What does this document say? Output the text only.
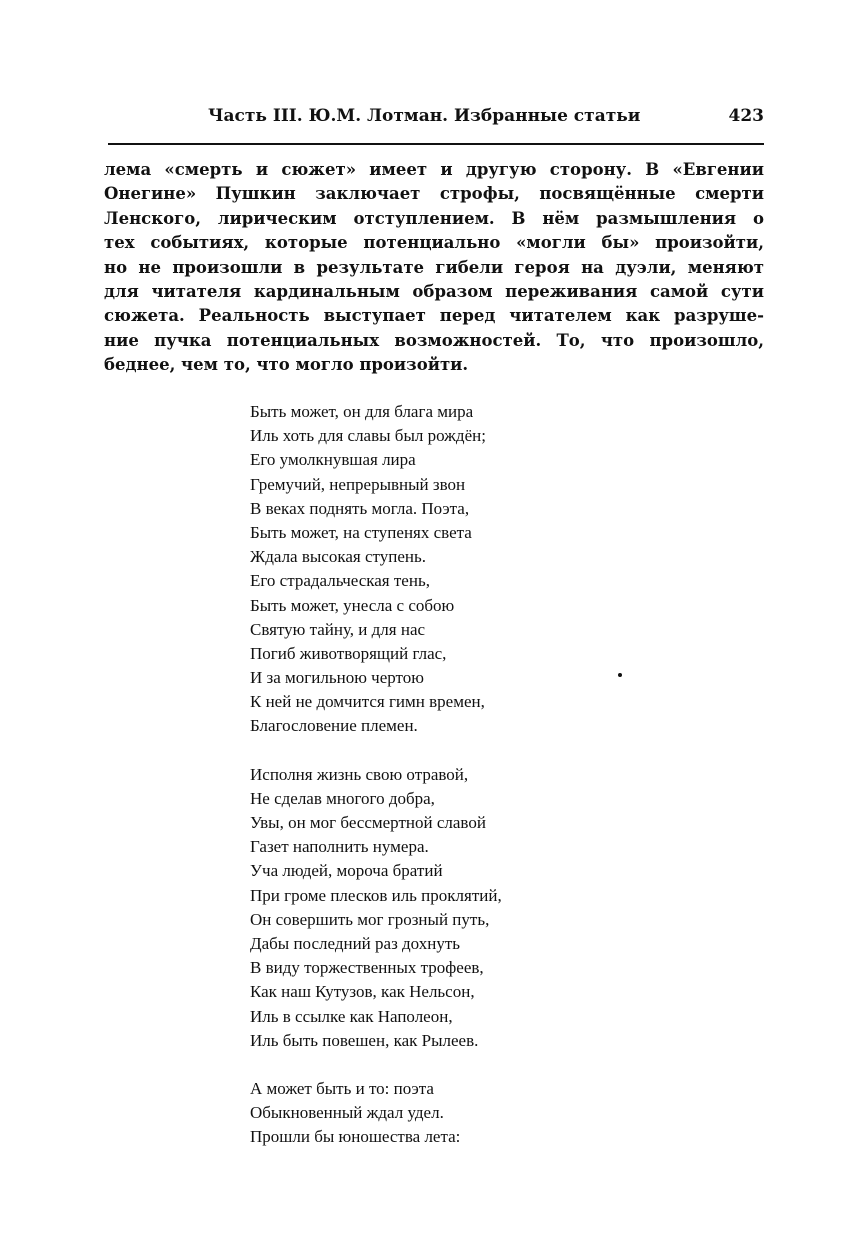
Часть III. Ю.М. Лотман. Избранные статьи	423
лема «смерть и сюжет» имеет и другую сторону. В «Евгении
Онегине» Пушкин заключает строфы, посвящённые смерти
Ленского, лирическим отступлением. В нём размышления о
тех событиях, которые потенциально «могли бы» произойти,
но не произошли в результате гибели героя на дуэли, меняют
для читателя кардинальным образом переживания самой сути
сюжета. Реальность выступает перед читателем как разруше-
ние пучка потенциальных возможностей. То, что произошло,
беднее, чем то, что могло произойти.
Быть может, он для блага мира
Иль хоть для славы был рождён;
Его умолкнувшая лира
Гремучий, непрерывный звон
В веках поднять могла. Поэта,
Быть может, на ступенях света
Ждала высокая ступень.
Его страдальческая тень,
Быть может, унесла с собою
Святую тайну, и для нас
Погиб животворящий глас,
И за могильною чертою
К ней не домчится гимн времен,
Благословение племен.
Исполня жизнь свою отравой,
Не сделав многого добра,
Увы, он мог бессмертной славой
Газет наполнить нумера.
Уча людей, мороча братий
При громе плесков иль проклятий,
Он совершить мог грозный путь,
Дабы последний раз дохнуть
В виду торжественных трофеев,
Как наш Кутузов, как Нельсон,
Иль в ссылке как Наполеон,
Иль быть повешен, как Рылеев.
А может быть и то: поэта
Обыкновенный ждал удел.
Прошли бы юношества лета:
